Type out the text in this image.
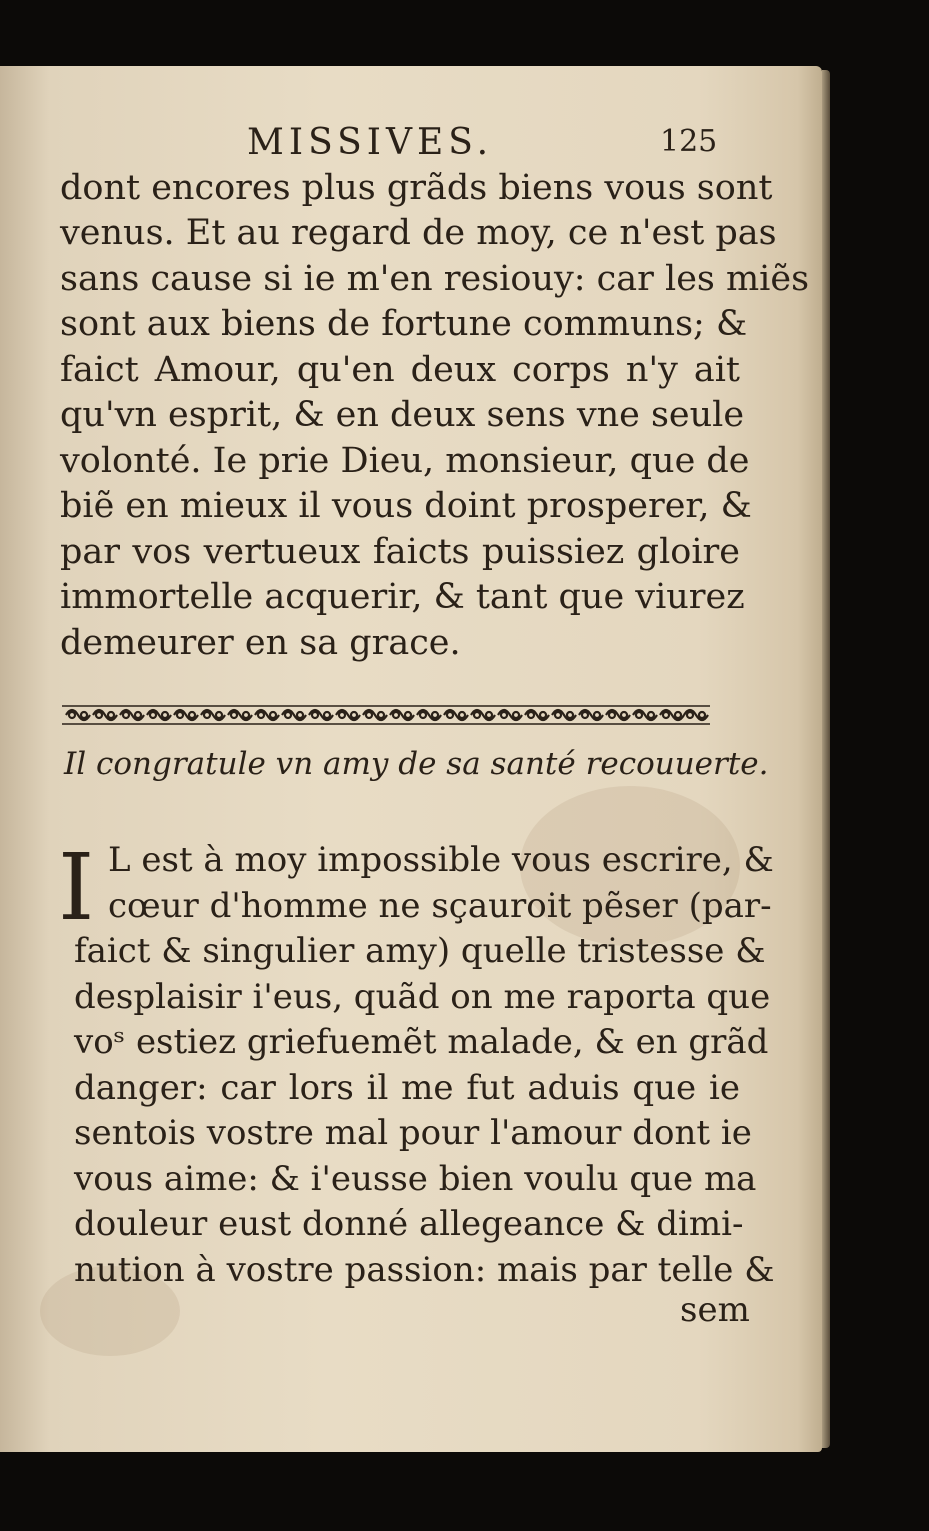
MISSIVES.	125
dont encores plus grãds biens vous sont
venus. Et au regard de moy, ce n'est pas
sans cause si ie m'en resiouy: car les miẽs
sont aux biens de fortune communs; &
faict Amour, qu'en deux corps n'y ait
qu'vn esprit, & en deux sens vne seule
volonté. Ie prie Dieu, monsieur, que de
biẽ en mieux il vous doint prosperer, &
par vos vertueux faicts puissiez gloire
immortelle acquerir, & tant que viurez
demeurer en sa grace.
Il congratule vn amy de sa santé recouuerte.
I L est à moy impossible vous escrire, &
cœur d'homme ne sçauroit pẽser (par-
faict & singulier amy) quelle tristesse &
desplaisir i'eus, quãd on me raporta que
voˢ estiez griefuemẽt malade, & en grãd
danger: car lors il me fut aduis que ie
sentois vostre mal pour l'amour dont ie
vous aime: & i'eusse bien voulu que ma
douleur eust donné allegeance & dimi-
nution à vostre passion: mais par telle &
sem
